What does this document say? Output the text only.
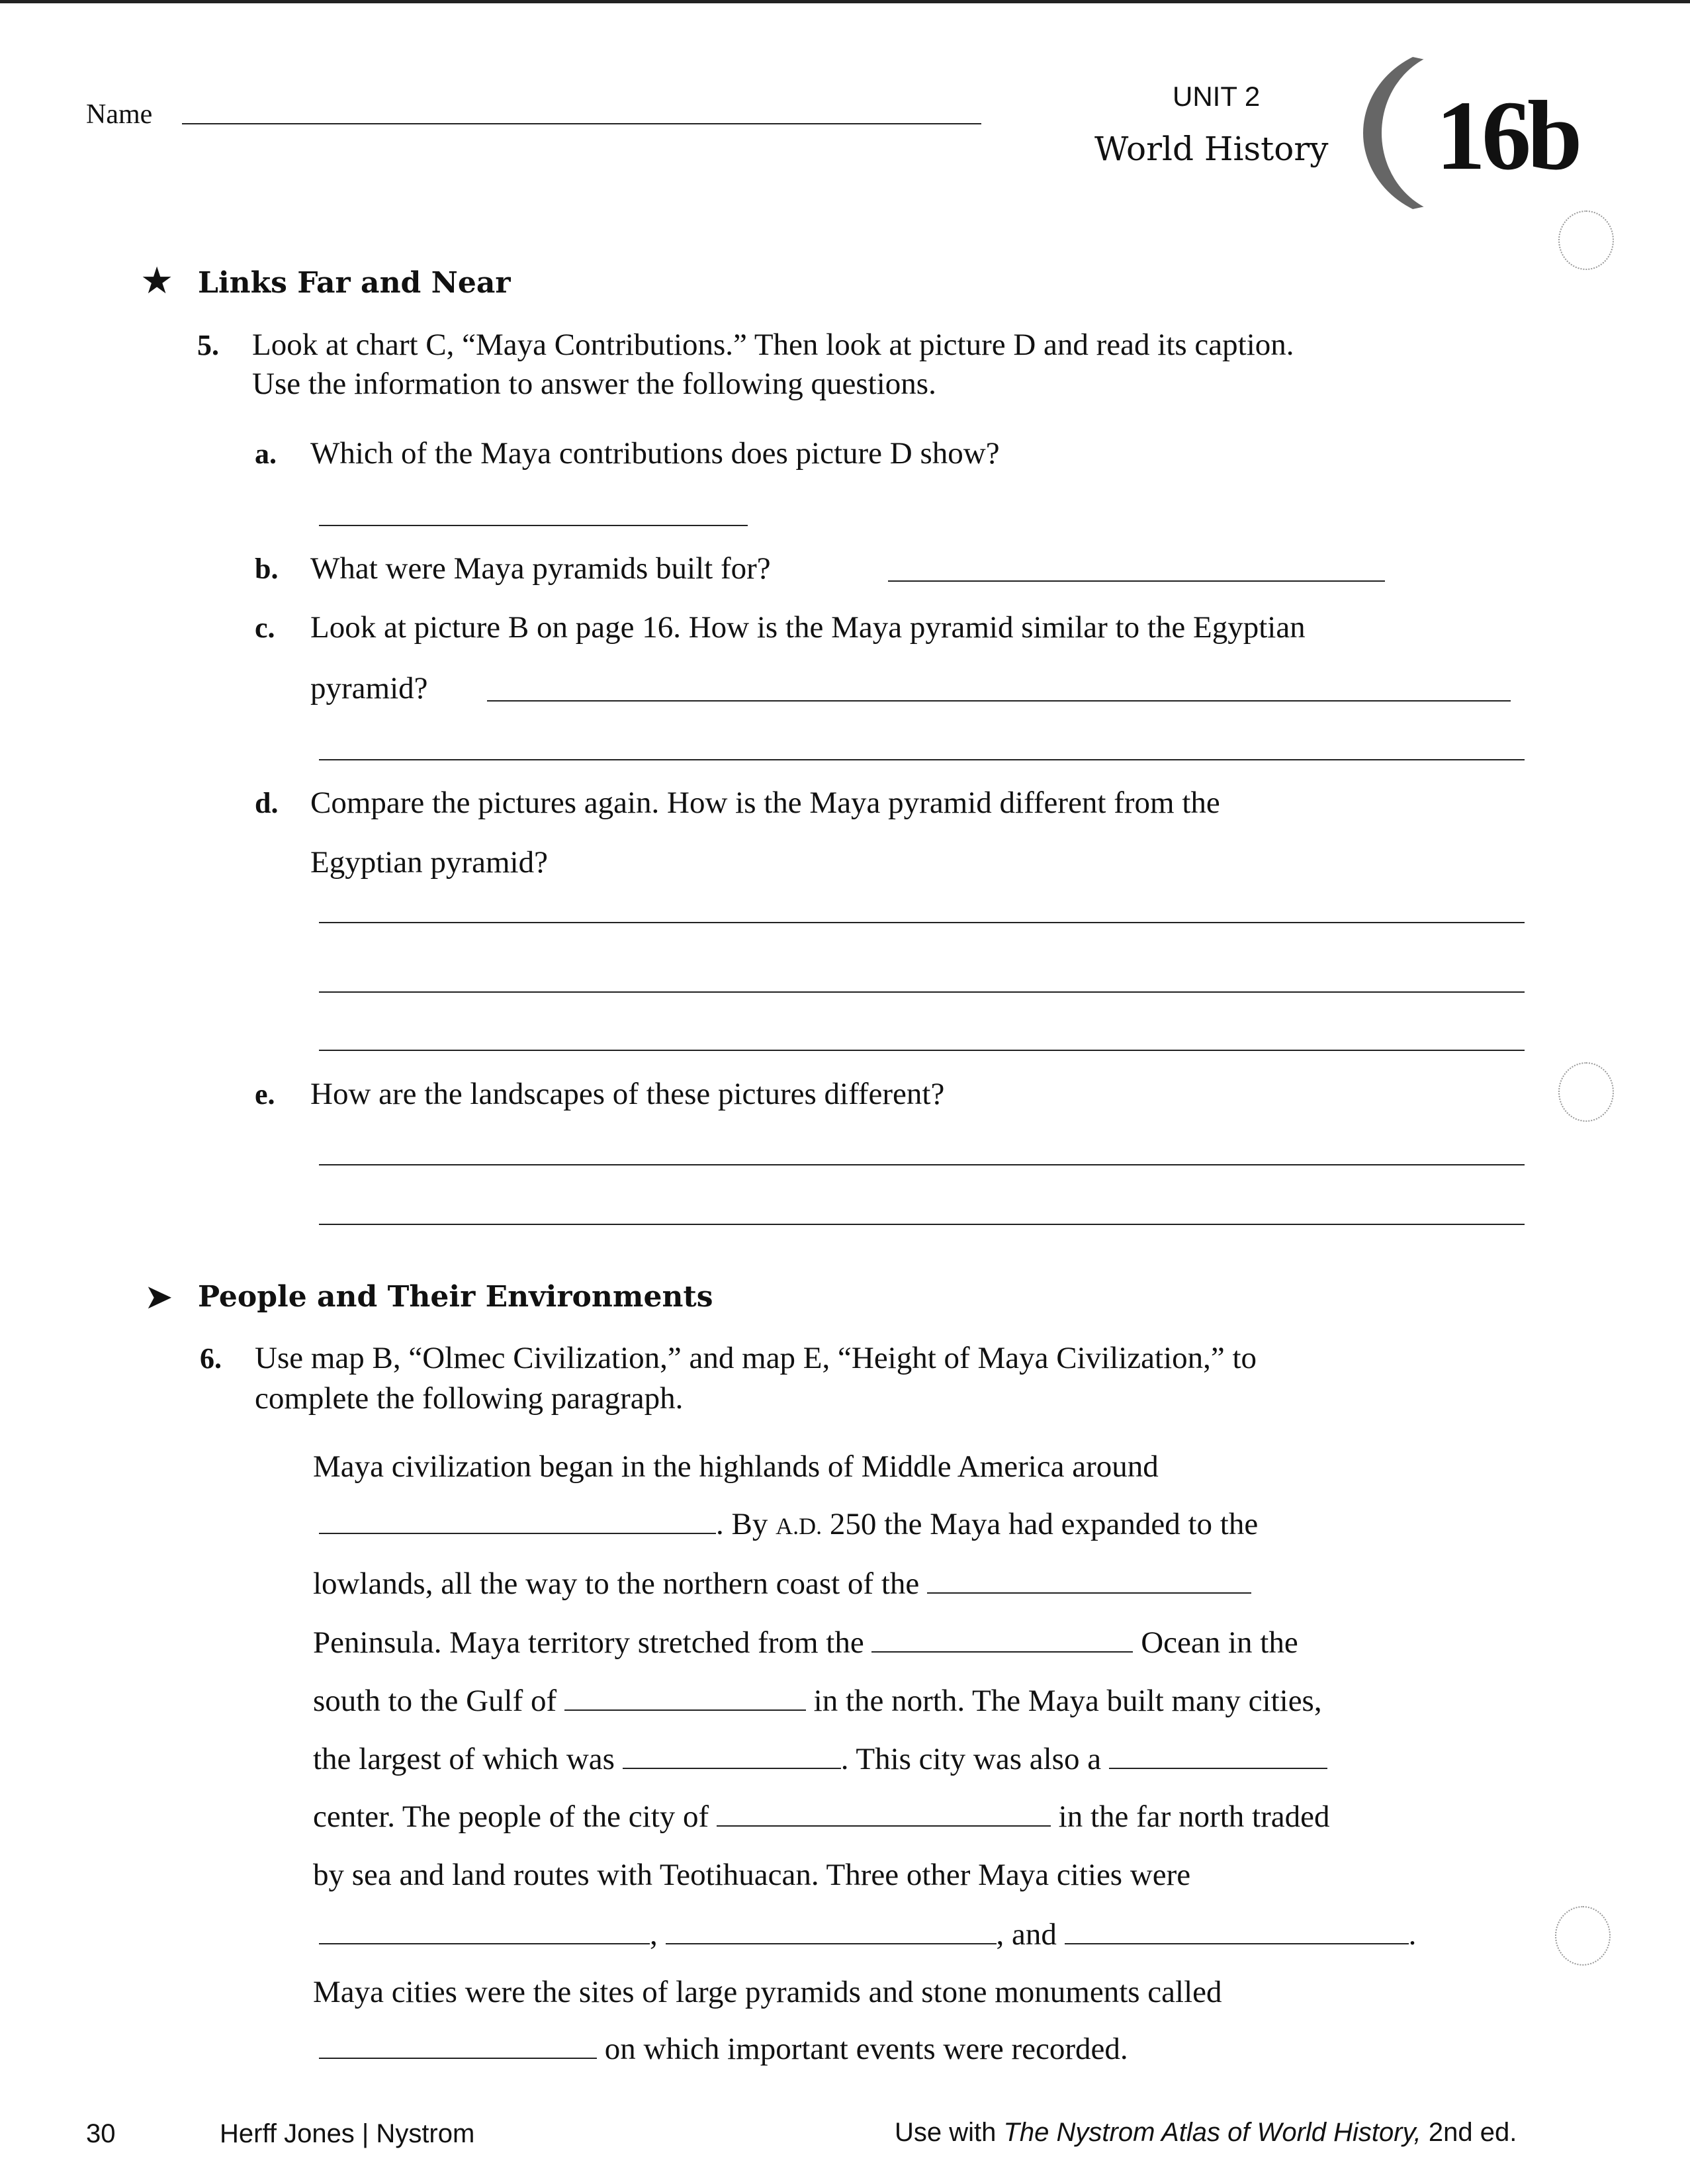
Name
UNIT 2
World History 16b
★ Links Far and Near
5. Look at chart C, “Maya Contributions.” Then look at picture D and read its caption.
Use the information to answer the following questions.
a. Which of the Maya contributions does picture D show?
b. What were Maya pyramids built for?
c. Look at picture B on page 16. How is the Maya pyramid similar to the Egyptian
pyramid?
d. Compare the pictures again. How is the Maya pyramid different from the
Egyptian pyramid?
e. How are the landscapes of these pictures different?
➤ People and Their Environments
6. Use map B, “Olmec Civilization,” and map E, “Height of Maya Civilization,” to
complete the following paragraph.
Maya civilization began in the highlands of Middle America around
. By A.D. 250 the Maya had expanded to the
lowlands, all the way to the northern coast of the
Peninsula. Maya territory stretched from the	Ocean in the
south to the Gulf of	in the north. The Maya built many cities,
the largest of which was	. This city was also a
center. The people of the city of	in the far north traded
by sea and land routes with Teotihuacan. Three other Maya cities were
,	, and	.
Maya cities were the sites of large pyramids and stone monuments called
on which important events were recorded.
30	Herff Jones | Nystrom	Use with The Nystrom Atlas of World History, 2nd ed.
